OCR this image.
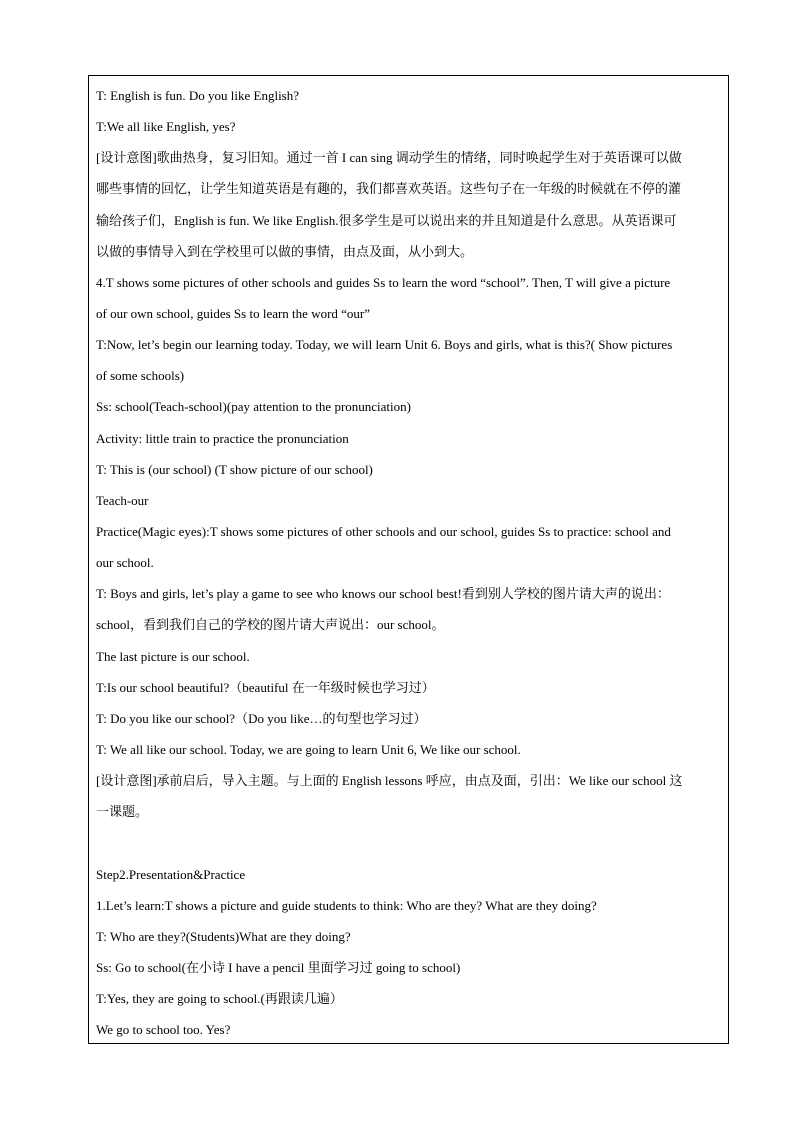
T: English is fun. Do you like English?
T:We all like English, yes?
[设计意图]歌曲热身，复习旧知。通过一首 I can sing 调动学生的情绪，同时唤起学生对于英语课可以做
哪些事情的回忆，让学生知道英语是有趣的，我们都喜欢英语。这些句子在一年级的时候就在不停的灌
输给孩子们，English is fun. We like English.很多学生是可以说出来的并且知道是什么意思。从英语课可
以做的事情导入到在学校里可以做的事情，由点及面，从小到大。
4.T shows some pictures of other schools and guides Ss to learn the word “school”. Then, T will give a picture
of our own school, guides Ss to learn the word “our”
T:Now, let’s begin our learning today. Today, we will learn Unit 6. Boys and girls, what is this?( Show pictures
of some schools)
Ss: school(Teach-school)(pay attention to the pronunciation)
Activity: little train to practice the pronunciation
T: This is (our school) (T show picture of our school)
Teach-our
Practice(Magic eyes):T shows some pictures of other schools and our school, guides Ss to practice: school and
our school.
T: Boys and girls, let’s play a game to see who knows our school best!看到别人学校的图片请大声的说出：
school，看到我们自己的学校的图片请大声说出：our school。
The last picture is our school.
T:Is our school beautiful?（beautiful 在一年级时候也学习过）
T: Do you like our school?（Do you like…的句型也学习过）
T: We all like our school. Today, we are going to learn Unit 6, We like our school.
[设计意图]承前启后，导入主题。与上面的 English lessons 呼应，由点及面，引出：We like our school 这
一课题。
Step2.Presentation&Practice
1.Let’s learn:T shows a picture and guide students to think: Who are they? What are they doing?
T: Who are they?(Students)What are they doing?
Ss: Go to school(在小诗 I have a pencil 里面学习过 going to school)
T:Yes, they are going to school.(再跟读几遍）
We go to school too. Yes?
